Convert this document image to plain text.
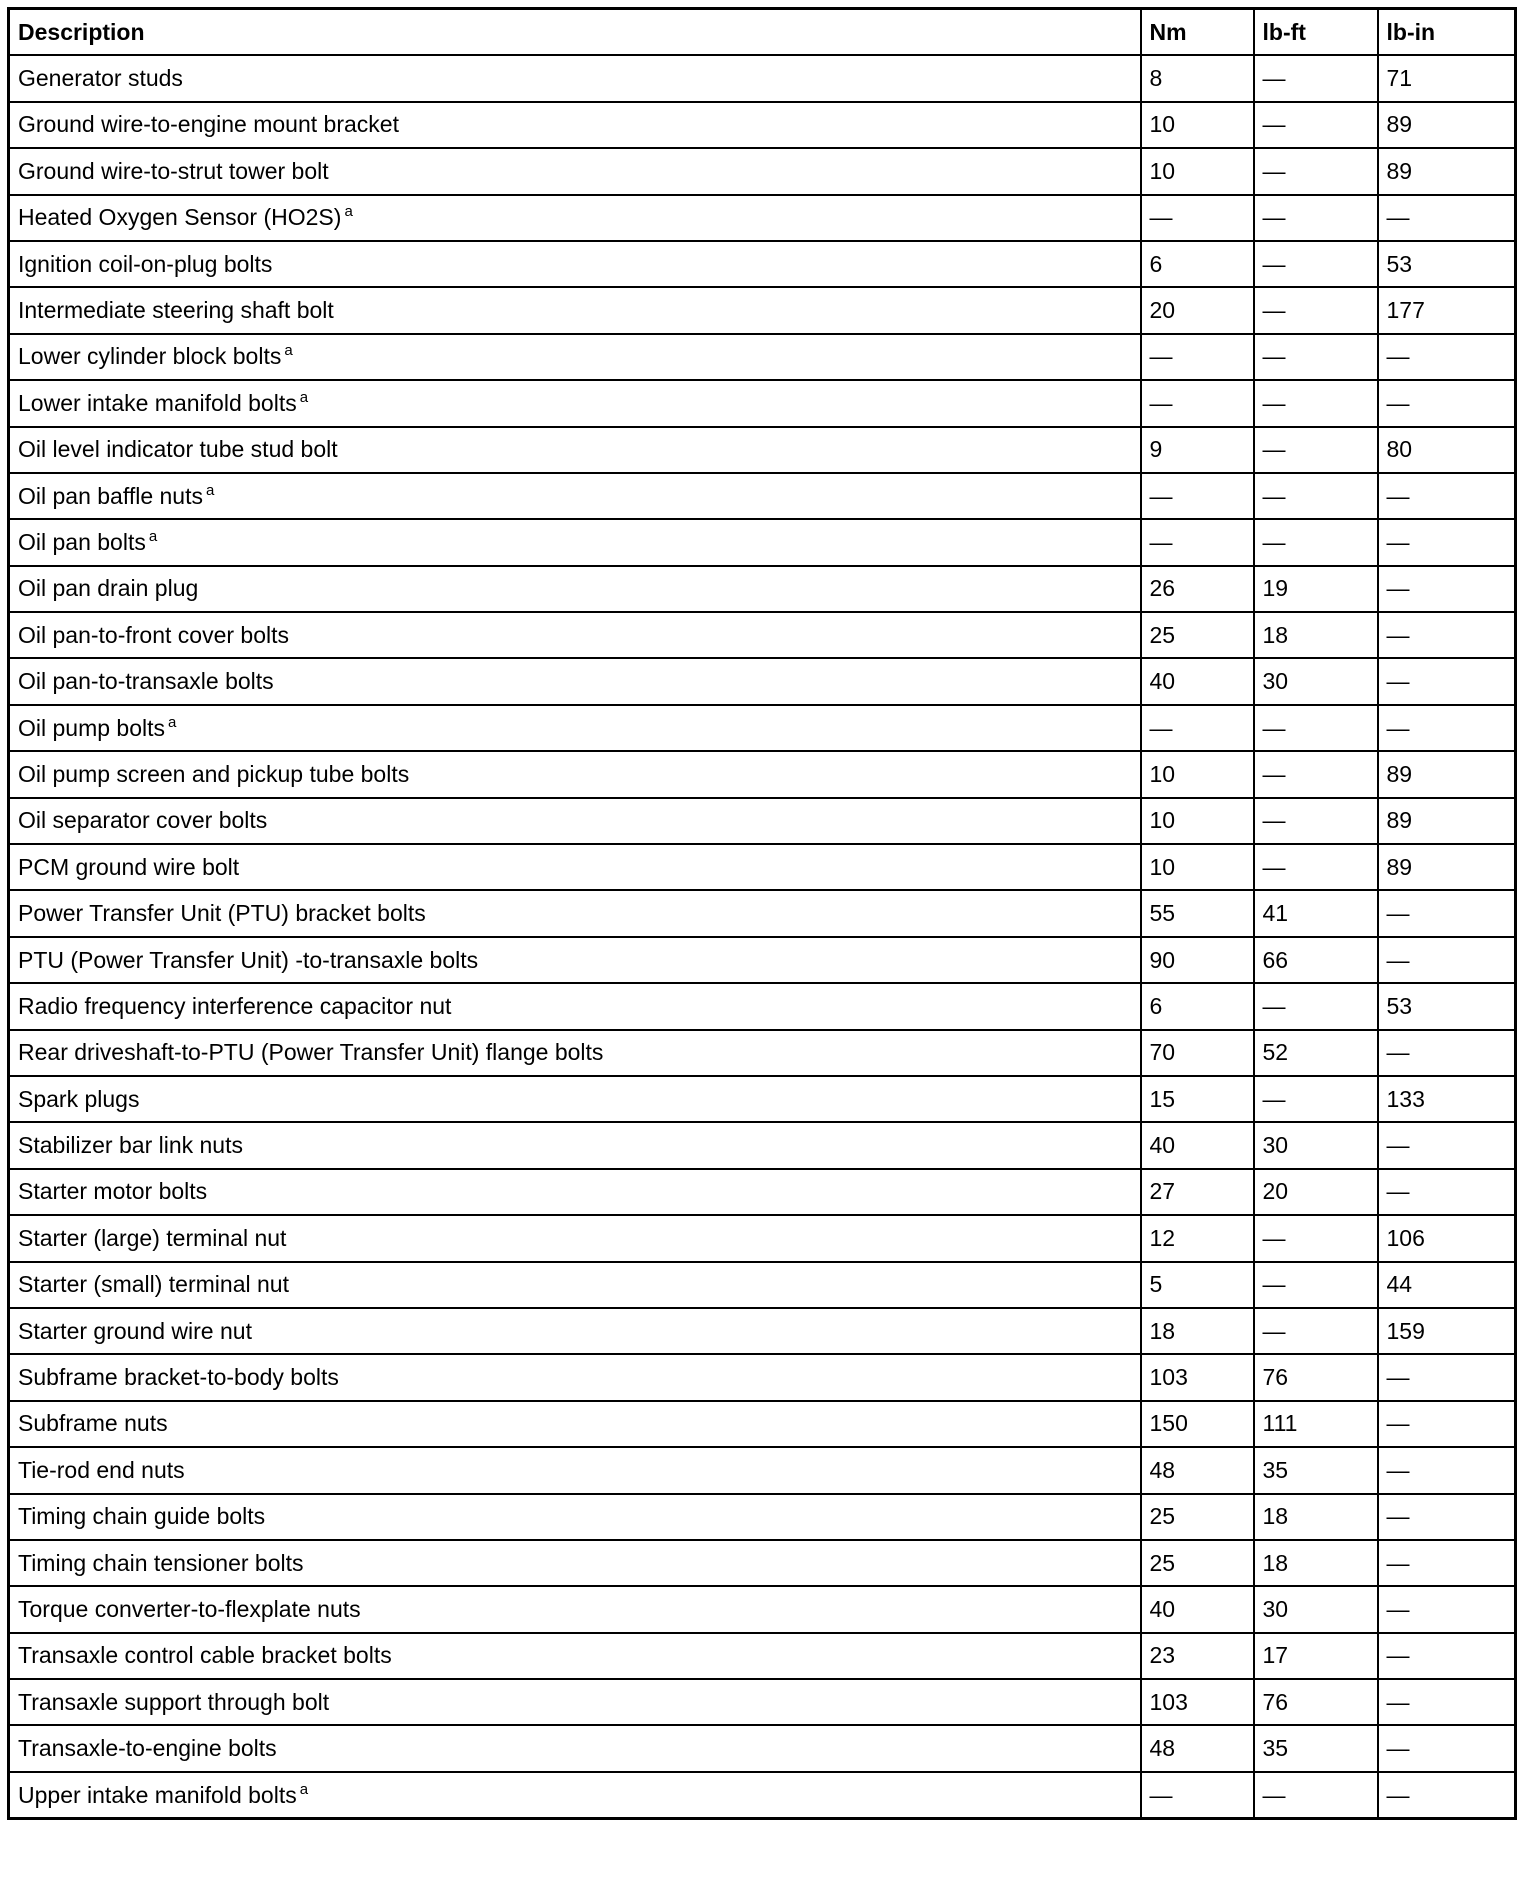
Description	Nm	lb-ft	lb-in
Generator studs	8	—	71
Ground wire-to-engine mount bracket	10	—	89
Ground wire-to-strut tower bolt	10	—	89
Heated Oxygen Sensor (HO2S) $^a$	—	—	—
Ignition coil-on-plug bolts	6	—	53
Intermediate steering shaft bolt	20	—	177
Lower cylinder block bolts $^a$	—	—	—
Lower intake manifold bolts $^a$	—	—	—
Oil level indicator tube stud bolt	9	—	80
Oil pan baffle nuts $^a$	—	—	—
Oil pan bolts $^a$	—	—	—
Oil pan drain plug	26	19	—
Oil pan-to-front cover bolts	25	18	—
Oil pan-to-transaxle bolts	40	30	—
Oil pump bolts $^a$	—	—	—
Oil pump screen and pickup tube bolts	10	—	89
Oil separator cover bolts	10	—	89
PCM ground wire bolt	10	—	89
Power Transfer Unit (PTU) bracket bolts	55	41	—
PTU (Power Transfer Unit) -to-transaxle bolts	90	66	—
Radio frequency interference capacitor nut	6	—	53
Rear driveshaft-to-PTU (Power Transfer Unit) flange bolts	70	52	—
Spark plugs	15	—	133
Stabilizer bar link nuts	40	30	—
Starter motor bolts	27	20	—
Starter (large) terminal nut	12	—	106
Starter (small) terminal nut	5	—	44
Starter ground wire nut	18	—	159
Subframe bracket-to-body bolts	103	76	—
Subframe nuts	150	111	—
Tie-rod end nuts	48	35	—
Timing chain guide bolts	25	18	—
Timing chain tensioner bolts	25	18	—
Torque converter-to-flexplate nuts	40	30	—
Transaxle control cable bracket bolts	23	17	—
Transaxle support through bolt	103	76	—
Transaxle-to-engine bolts	48	35	—
Upper intake manifold bolts $^a$	—	—	—
